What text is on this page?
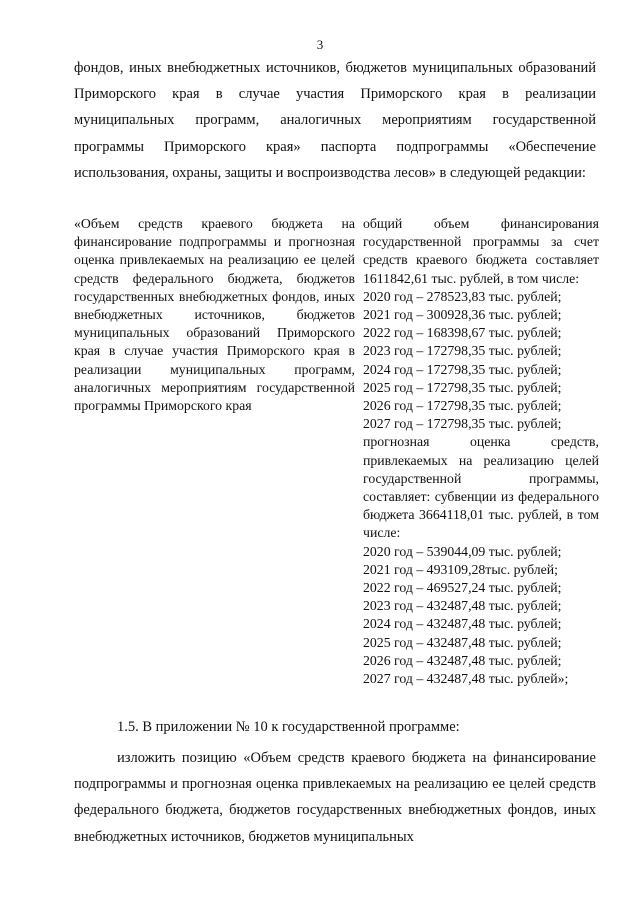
3

фондов, иных внебюджетных источников, бюджетов муниципальных образований Приморского края в случае участия Приморского края в реализации муниципальных программ, аналогичных мероприятиям государственной программы Приморского края» паспорта подпрограммы «Обеспечение использования, охраны, защиты и воспроизводства лесов» в следующей редакции:

«Объем средств краевого бюджета на финансирование подпрограммы и прогнозная оценка привлекаемых на реализацию ее целей средств федерального бюджета, бюджетов государственных внебюджетных фондов, иных внебюджетных источников, бюджетов муниципальных образований Приморского края в случае участия Приморского края в реализации муниципальных программ, аналогичных мероприятиям государственной программы Приморского края
общий объем финансирования государственной программы за счет средств краевого бюджета составляет 1611842,61 тыс. рублей, в том числе:
2020 год – 278523,83 тыс. рублей;
2021 год – 300928,36 тыс. рублей;
2022 год – 168398,67 тыс. рублей;
2023 год – 172798,35 тыс. рублей;
2024 год – 172798,35 тыс. рублей;
2025 год – 172798,35 тыс. рублей;
2026 год – 172798,35 тыс. рублей;
2027 год – 172798,35 тыс. рублей;
прогнозная оценка средств, привлекаемых на реализацию целей государственной программы, составляет: субвенции из федерального бюджета 3664118,01 тыс. рублей, в том числе:
2020 год – 539044,09 тыс. рублей;
2021 год – 493109,28тыс. рублей;
2022 год – 469527,24 тыс. рублей;
2023 год – 432487,48 тыс. рублей;
2024 год – 432487,48 тыс. рублей;
2025 год – 432487,48 тыс. рублей;
2026 год – 432487,48 тыс. рублей;
2027 год – 432487,48 тыс. рублей»;

1.5. В приложении № 10 к государственной программе:

изложить позицию «Объем средств краевого бюджета на финансирование подпрограммы и прогнозная оценка привлекаемых на реализацию ее целей средств федерального бюджета, бюджетов государственных внебюджетных фондов, иных внебюджетных источников, бюджетов муниципальных
